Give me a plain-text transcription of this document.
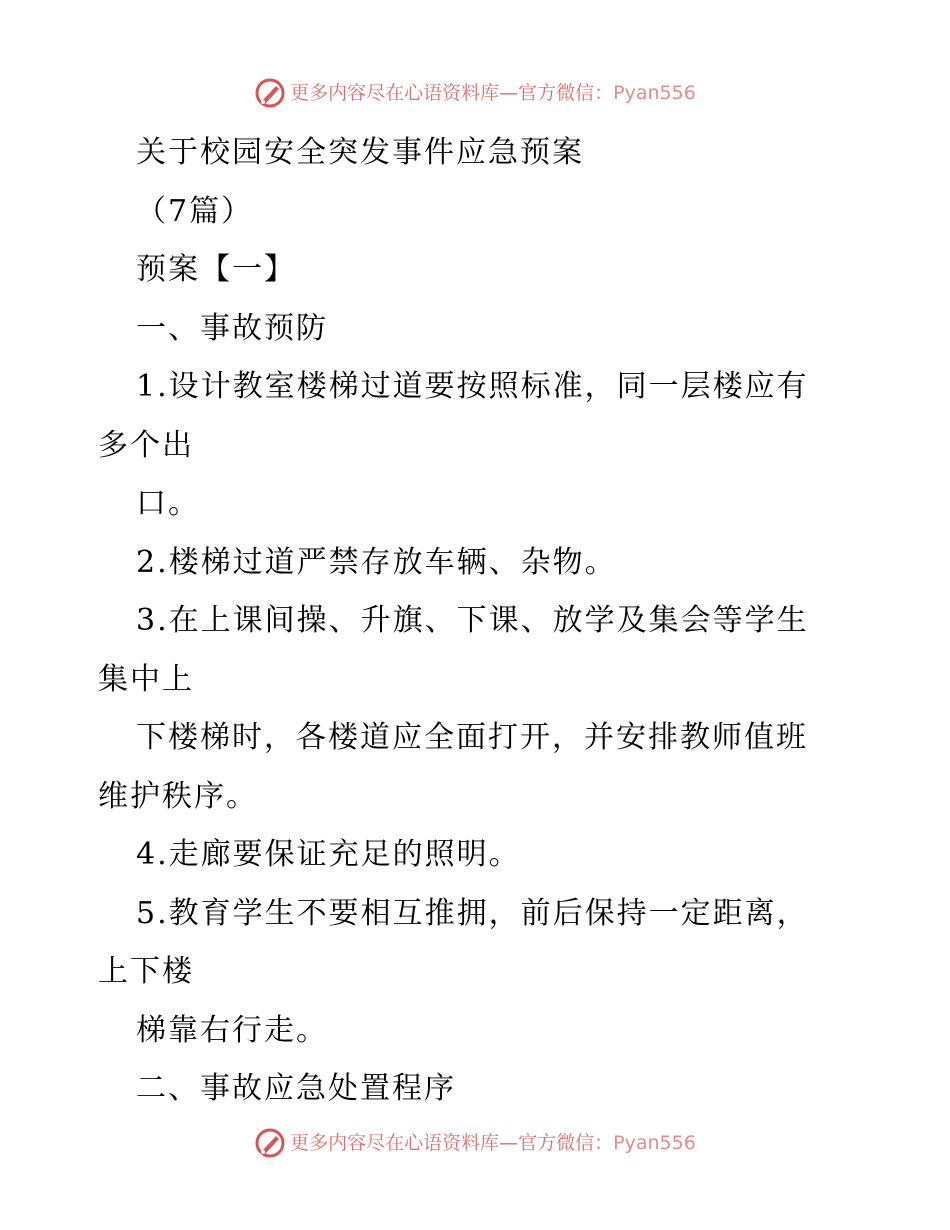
更多内容尽在心语资料库—官方微信：Pyan556
关于校园安全突发事件应急预案
（7篇）
预案【一】
一、事故预防
1.设计教室楼梯过道要按照标准，同一层楼应有
多个出
口。
2.楼梯过道严禁存放车辆、杂物。
3.在上课间操、升旗、下课、放学及集会等学生
集中上
下楼梯时，各楼道应全面打开，并安排教师值班
维护秩序。
4.走廊要保证充足的照明。
5.教育学生不要相互推拥，前后保持一定距离，
上下楼
梯靠右行走。
二、事故应急处置程序
更多内容尽在心语资料库—官方微信：Pyan556
